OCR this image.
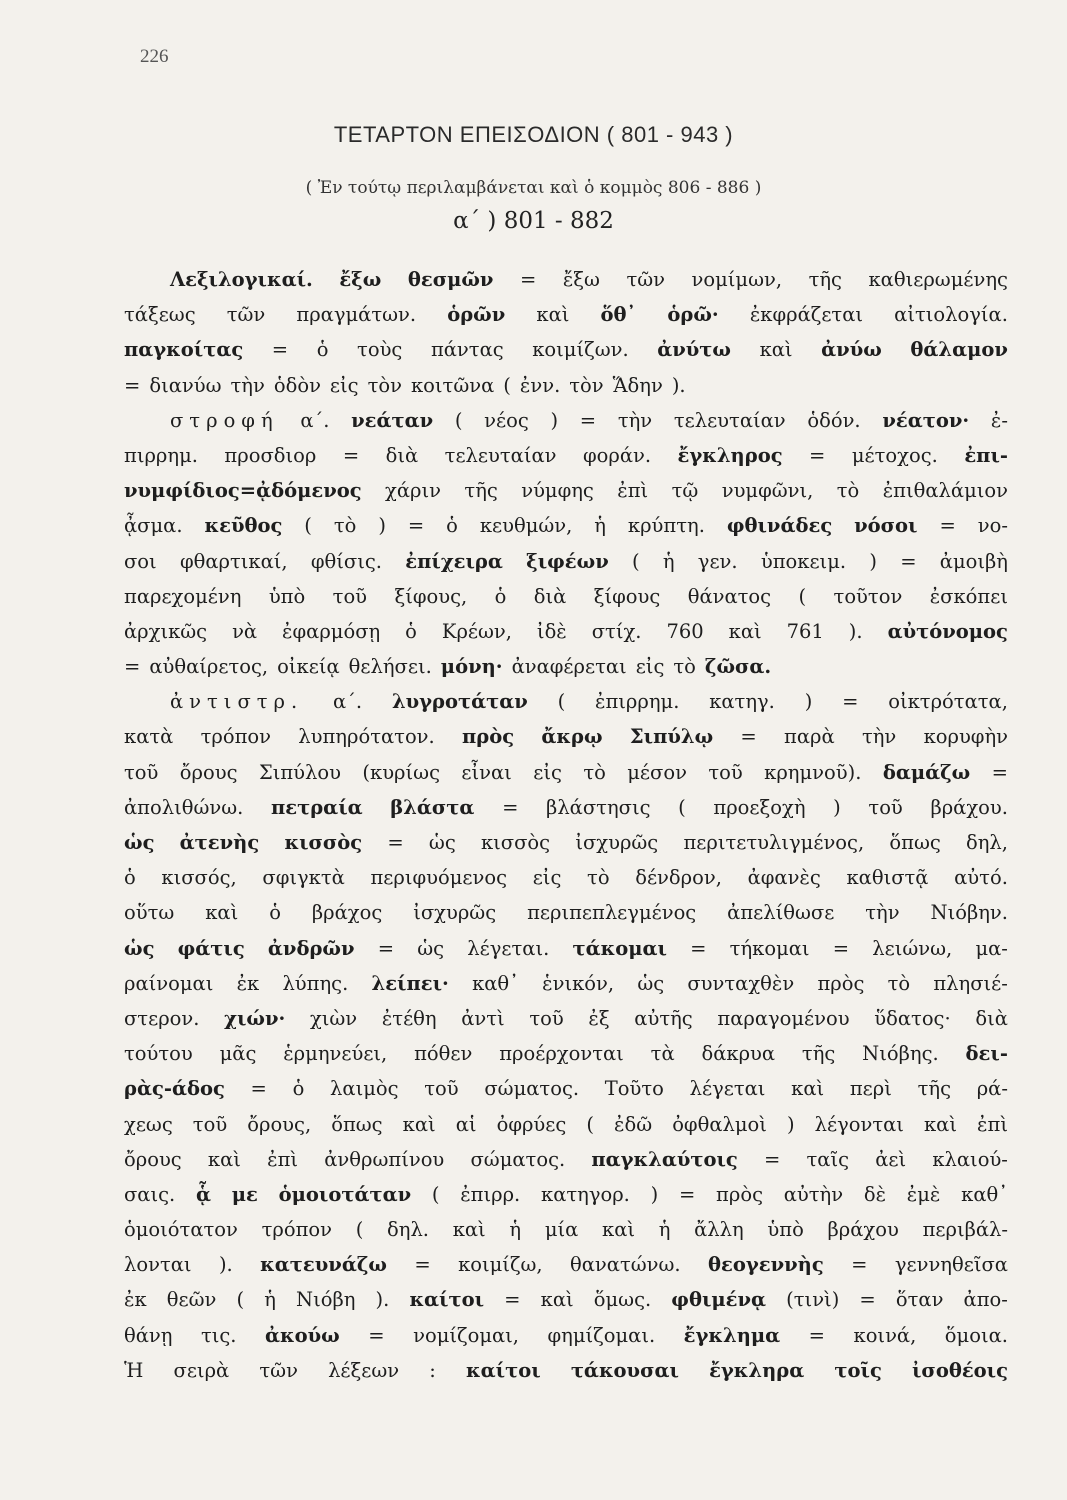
226
ΤΕΤΑΡΤΟΝ ΕΠΕΙΣΟΔΙΟΝ ( 801 - 943 )
( Ἐν τούτῳ περιλαμβάνεται καὶ ὁ κομμὸς 806 - 886 )
α΄ ) 801 - 882
Λεξιλογικαί. ἔξω θεσμῶν = ἔξω τῶν νομίμων, τῆς καθιερωμένης
τάξεως τῶν πραγμάτων. ὁρῶν καὶ ὅθ᾽ ὁρῶ· ἐκφράζεται αἰτιολογία.
παγκοίτας = ὁ τοὺς πάντας κοιμίζων. ἀνύτω καὶ ἀνύω θάλαμον
= διανύω τὴν ὁδὸν εἰς τὸν κοιτῶνα ( ἐνν. τὸν Ἅδην ).
στροφή α΄. νεάταν ( νέος ) = τὴν τελευταίαν ὁδόν. νέατον· ἐ-
πιρρημ. προσδιορ = διὰ τελευταίαν φοράν. ἔγκληρος = μέτοχος. ἐπι-
νυμφίδιος=ᾀδόμενος χάριν τῆς νύμφης ἐπὶ τῷ νυμφῶνι, τὸ ἐπιθαλάμιον
ᾆσμα. κεῦθος ( τὸ ) = ὁ κευθμών, ἡ κρύπτη. φθινάδες νόσοι = νο-
σοι φθαρτικαί, φθίσις. ἐπίχειρα ξιφέων ( ἡ γεν. ὑποκειμ. ) = ἀμοιβὴ
παρεχομένη ὑπὸ τοῦ ξίφους, ὁ διὰ ξίφους θάνατος ( τοῦτον ἐσκόπει
ἀρχικῶς νὰ ἐφαρμόσῃ ὁ Κρέων, ἰδὲ στίχ. 760 καὶ 761 ). αὐτόνομος
= αὐθαίρετος, οἰκείᾳ θελήσει. μόνη· ἀναφέρεται εἰς τὸ ζῶσα.
ἀντιστρ. α΄. λυγροτάταν ( ἐπιρρημ. κατηγ. ) = οἰκτρότατα,
κατὰ τρόπον λυπηρότατον. πρὸς ἄκρῳ Σιπύλῳ = παρὰ τὴν κορυφὴν
τοῦ ὄρους Σιπύλου (κυρίως εἶναι εἰς τὸ μέσον τοῦ κρημνοῦ). δαμάζω =
ἀπολιθώνω. πετραία βλάστα = βλάστησις ( προεξοχὴ ) τοῦ βράχου.
ὡς ἀτενὴς κισσὸς = ὡς κισσὸς ἰσχυρῶς περιτετυλιγμένος, ὅπως δηλ,
ὁ κισσός, σφιγκτὰ περιφυόμενος εἰς τὸ δένδρον, ἀφανὲς καθιστᾷ αὐτό.
οὕτω καὶ ὁ βράχος ἰσχυρῶς περιπεπλεγμένος ἀπελίθωσε τὴν Νιόβην.
ὡς φάτις ἀνδρῶν = ὡς λέγεται. τάκομαι = τήκομαι = λειώνω, μα-
ραίνομαι ἐκ λύπης. λείπει· καθ᾽ ἑνικόν, ὡς συνταχθὲν πρὸς τὸ πλησιέ-
στερον. χιών· χιὼν ἐτέθη ἀντὶ τοῦ ἐξ αὐτῆς παραγομένου ὕδατος· διὰ
τούτου μᾶς ἑρμηνεύει, πόθεν προέρχονται τὰ δάκρυα τῆς Νιόβης. δει-
ρὰς-άδος = ὁ λαιμὸς τοῦ σώματος. Τοῦτο λέγεται καὶ περὶ τῆς ρά-
χεως τοῦ ὄρους, ὅπως καὶ αἱ ὀφρύες ( ἐδῶ ὀφθαλμοὶ ) λέγονται καὶ ἐπὶ
ὄρους καὶ ἐπὶ ἀνθρωπίνου σώματος. παγκλαύτοις = ταῖς ἀεὶ κλαιού-
σαις. ᾇ με ὁμοιοτάταν ( ἐπιρρ. κατηγορ. ) = πρὸς αὐτὴν δὲ ἐμὲ καθ᾽
ὁμοιότατον τρόπον ( δηλ. καὶ ἡ μία καὶ ἡ ἄλλη ὑπὸ βράχου περιβάλ-
λονται ). κατευνάζω = κοιμίζω, θανατώνω. θεογεννὴς = γεννηθεῖσα
ἐκ θεῶν ( ἡ Νιόβη ). καίτοι = καὶ ὅμως. φθιμένᾳ (τινὶ) = ὅταν ἀπο-
θάνῃ τις. ἀκούω = νομίζομαι, φημίζομαι. ἔγκλημα = κοινά, ὅμοια.
Ἡ σειρὰ τῶν λέξεων : καίτοι τάκουσαι ἔγκληρα τοῖς ἰσοθέοις
